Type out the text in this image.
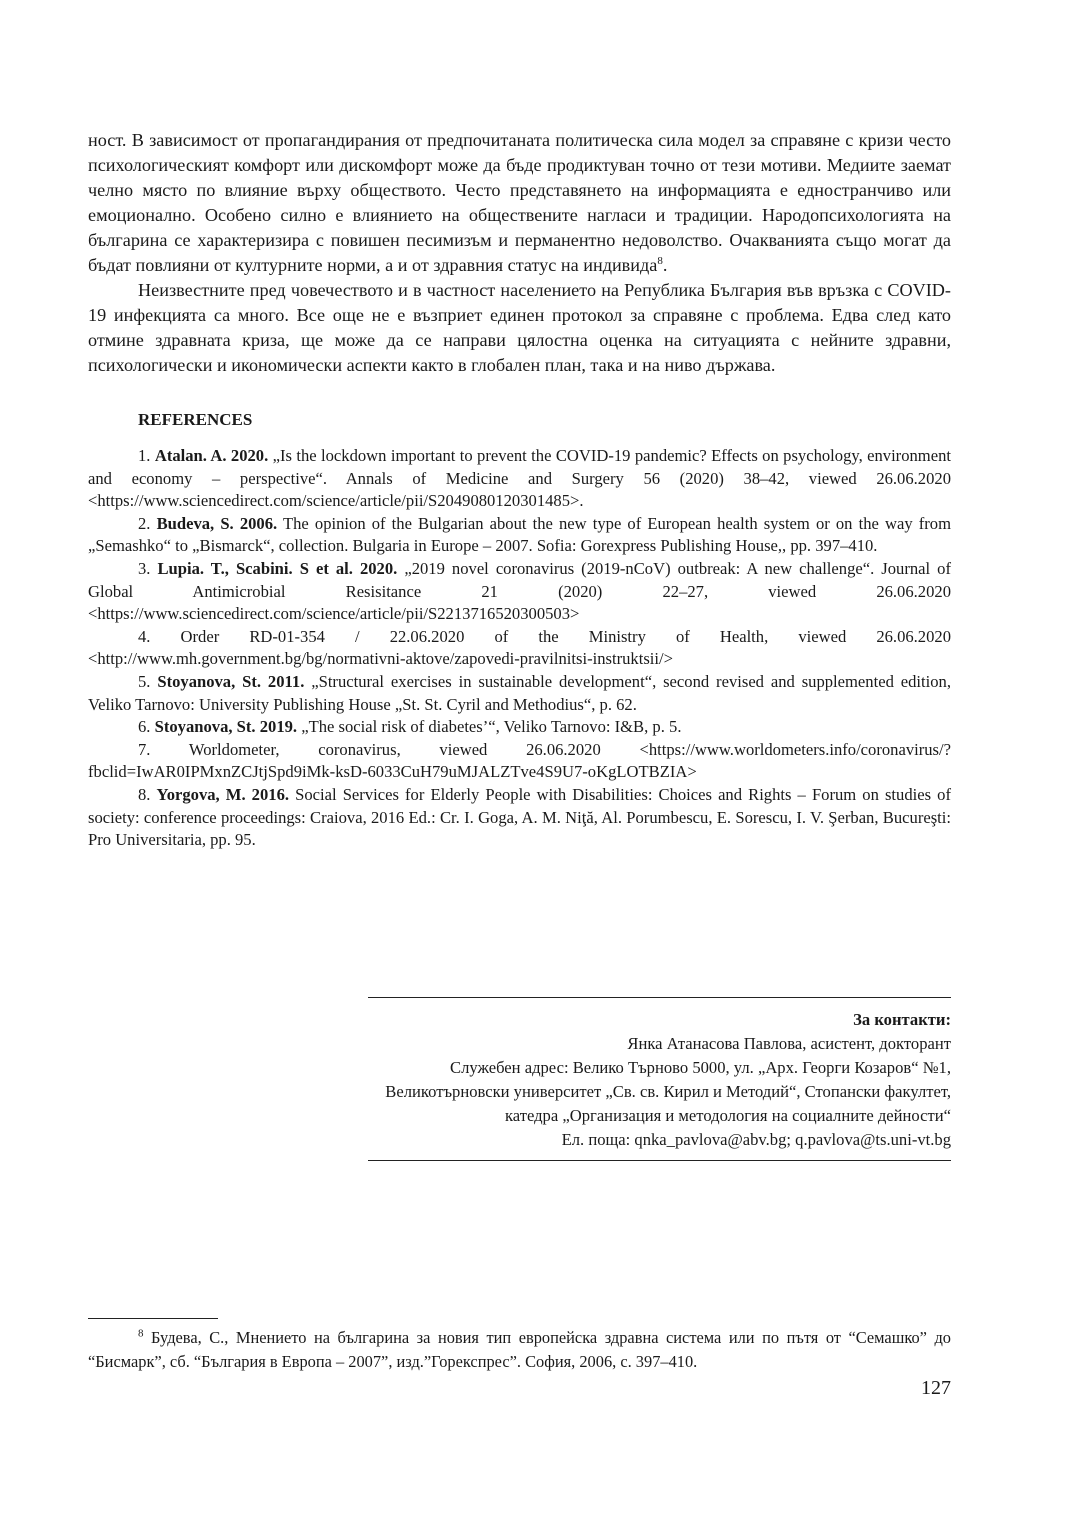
ност. В зависимост от пропагандирания от предпочитаната политическа сила модел за справяне с кризи често психологическият комфорт или дискомфорт може да бъде продиктуван точно от тези мотиви. Медиите заемат челно място по влияние върху обществото. Често представянето на информацията е едностранчиво или емоционално. Особено силно е влиянието на обществените нагласи и традиции. Народопсихологията на българина се характеризира с повишен песимизъм и перманентно недоволство. Очакванията също могат да бъдат повлияни от културните норми, а и от здравния статус на индивида$^8$.

Неизвестните пред човечеството и в частност населението на Република България във връзка с COVID-19 инфекцията са много. Все още не е възприет единен протокол за справяне с проблема. Едва след като отмине здравната криза, ще може да се направи цялостна оценка на ситуацията с нейните здравни, психологически и икономически аспекти както в глобален план, така и на ниво държава.

REFERENCES

1. Atalan. A. 2020. „Is the lockdown important to prevent the COVID-19 pandemic? Effects on psychology, environment and economy – perspective“. Annals of Medicine and Surgery 56 (2020) 38–42, viewed 26.06.2020 <https://www.sciencedirect.com/science/article/pii/S2049080120301485>.

2. Budeva, S. 2006. The opinion of the Bulgarian about the new type of European health system or on the way from „Semashko“ to „Bismarck“, collection. Bulgaria in Europe – 2007. Sofia: Gorexpress Publishing House,, pp. 397–410.

3. Lupia. T., Scabini. S et al. 2020. „2019 novel coronavirus (2019-nCoV) outbreak: A new challenge“. Journal of Global Antimicrobial Resisitance 21 (2020) 22–27, viewed 26.06.2020 <https://www.sciencedirect.com/science/article/pii/S2213716520300503>

4. Order RD-01-354 / 22.06.2020 of the Ministry of Health, viewed 26.06.2020 <http://www.mh.government.bg/bg/normativni-aktove/zapovedi-pravilnitsi-instruktsii/>

5. Stoyanova, St. 2011. „Structural exercises in sustainable development“, second revised and supplemented edition, Veliko Tarnovo: University Publishing House „St. St. Cyril and Methodius“, p. 62.

6. Stoyanova, St. 2019. „The social risk of diabetes’“, Veliko Tarnovo: I&B, p. 5.

7. Worldometer, coronavirus, viewed 26.06.2020 <https://www.worldometers.info/coronavirus/?fbclid=IwAR0IPMxnZCJtjSpd9iMk-ksD-6033CuH79uMJALZTve4S9U7-oKgLOTBZIA>

8. Yorgova, M. 2016. Social Services for Elderly People with Disabilities: Choices and Rights – Forum on studies of society: conference proceedings: Craiova, 2016 Ed.: Cr. I. Goga, A. M. Niţă, Al. Porumbescu, E. Sorescu, I. V. Şerban, Bucureşti: Pro Universitaria, pp. 95.

За контакти:
Янка Атанасова Павлова, асистент, докторант
Служебен адрес: Велико Търново 5000, ул. „Арх. Георги Козаров“ №1,
Великотърновски университет „Св. св. Кирил и Методий“, Стопански факултет,
катедра „Организация и методология на социалните дейности“
Ел. поща: qnka_pavlova@abv.bg; q.pavlova@ts.uni-vt.bg

$^8$ Будева, С., Мнението на българина за новия тип европейска здравна система или по пътя от “Семашко” до “Бисмарк”, сб. “България в Европа – 2007”, изд.”Горекспрес”. София, 2006, с. 397–410.

127
